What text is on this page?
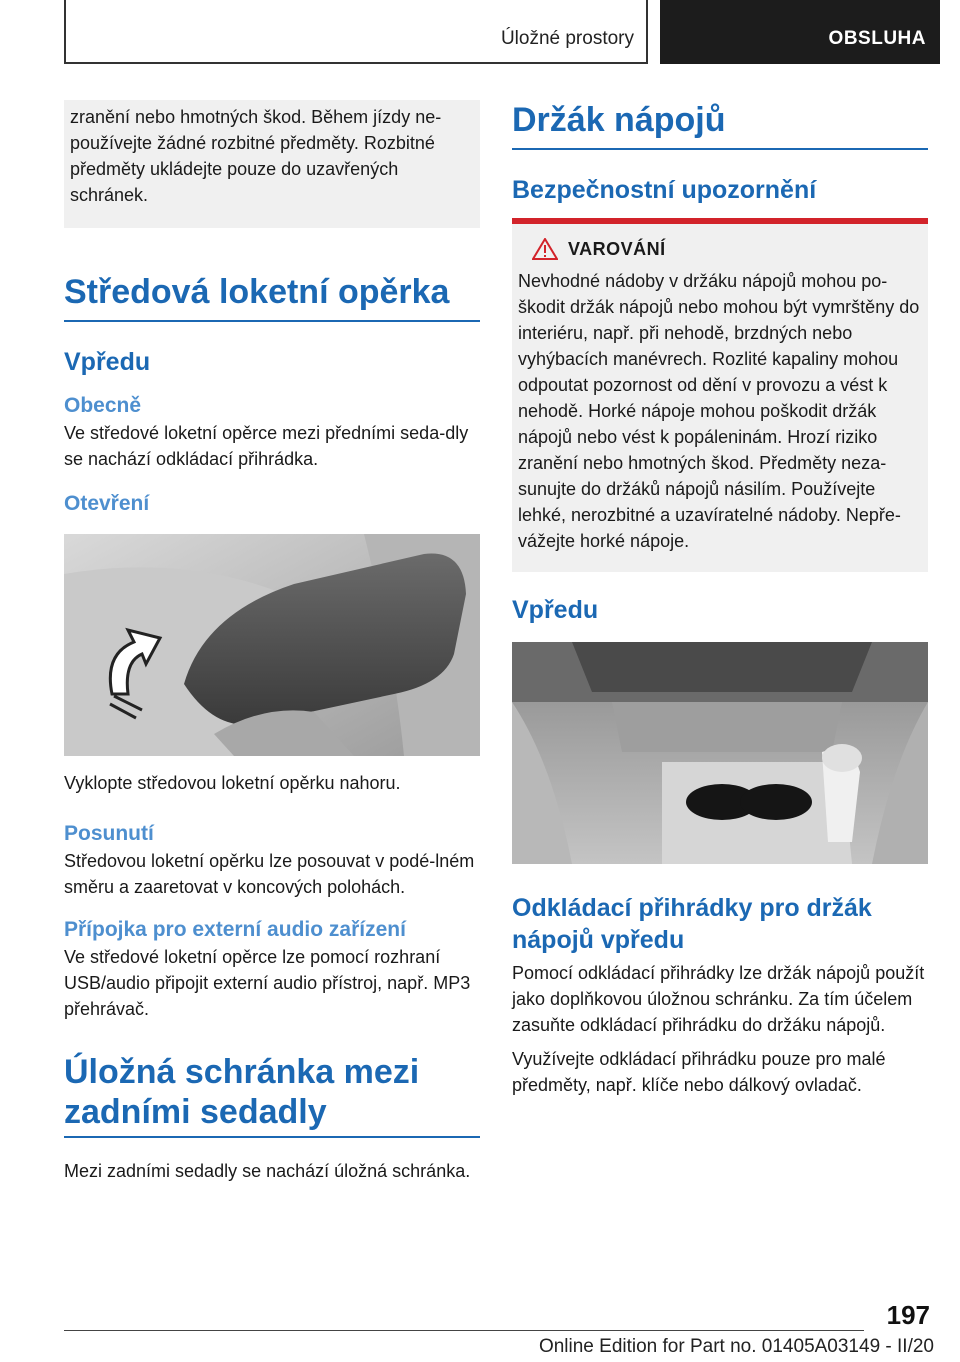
Úložné prostory	OBSLUHA

zranění nebo hmotných škod. Během jízdy ne-používejte žádné rozbitné předměty. Rozbitné předměty ukládejte pouze do uzavřených schránek.

Středová loketní opěrka
Vpředu
Obecně

Ve středové loketní opěrce mezi předními seda-dly se nachází odkládací přihrádka.

Otevření

Vyklopte středovou loketní opěrku nahoru.

Posunutí

Středovou loketní opěrku lze posouvat v podé-lném směru a zaaretovat v koncových polohách.

Přípojka pro externí audio zařízení

Ve středové loketní opěrce lze pomocí rozhraní USB/audio připojit externí audio přístroj, např. MP3 přehrávač.

Úložná schránka mezi zadními sedadly

Mezi zadními sedadly se nachází úložná schránka.

Držák nápojů
Bezpečnostní upozornění
VAROVÁNÍ

Nevhodné nádoby v držáku nápojů mohou po-škodit držák nápojů nebo mohou být vymrštěny do interiéru, např. při nehodě, brzdných nebo vyhýbacích manévrech. Rozlité kapaliny mohou odpoutat pozornost od dění v provozu a vést k nehodě. Horké nápoje mohou poškodit držák nápojů nebo vést k popáleninám. Hrozí riziko zranění nebo hmotných škod. Předměty neza-sunujte do držáků nápojů násilím. Používejte lehké, nerozbitné a uzavíratelné nádoby. Nepře-vážejte horké nápoje.

Vpředu
Odkládací přihrádky pro držák nápojů vpředu

Pomocí odkládací přihrádky lze držák nápojů použít jako doplňkovou úložnou schránku. Za tím účelem zasuňte odkládací přihrádku do držáku nápojů.

Využívejte odkládací přihrádku pouze pro malé předměty, např. klíče nebo dálkový ovladač.

197
Online Edition for Part no. 01405A03149 - II/20
